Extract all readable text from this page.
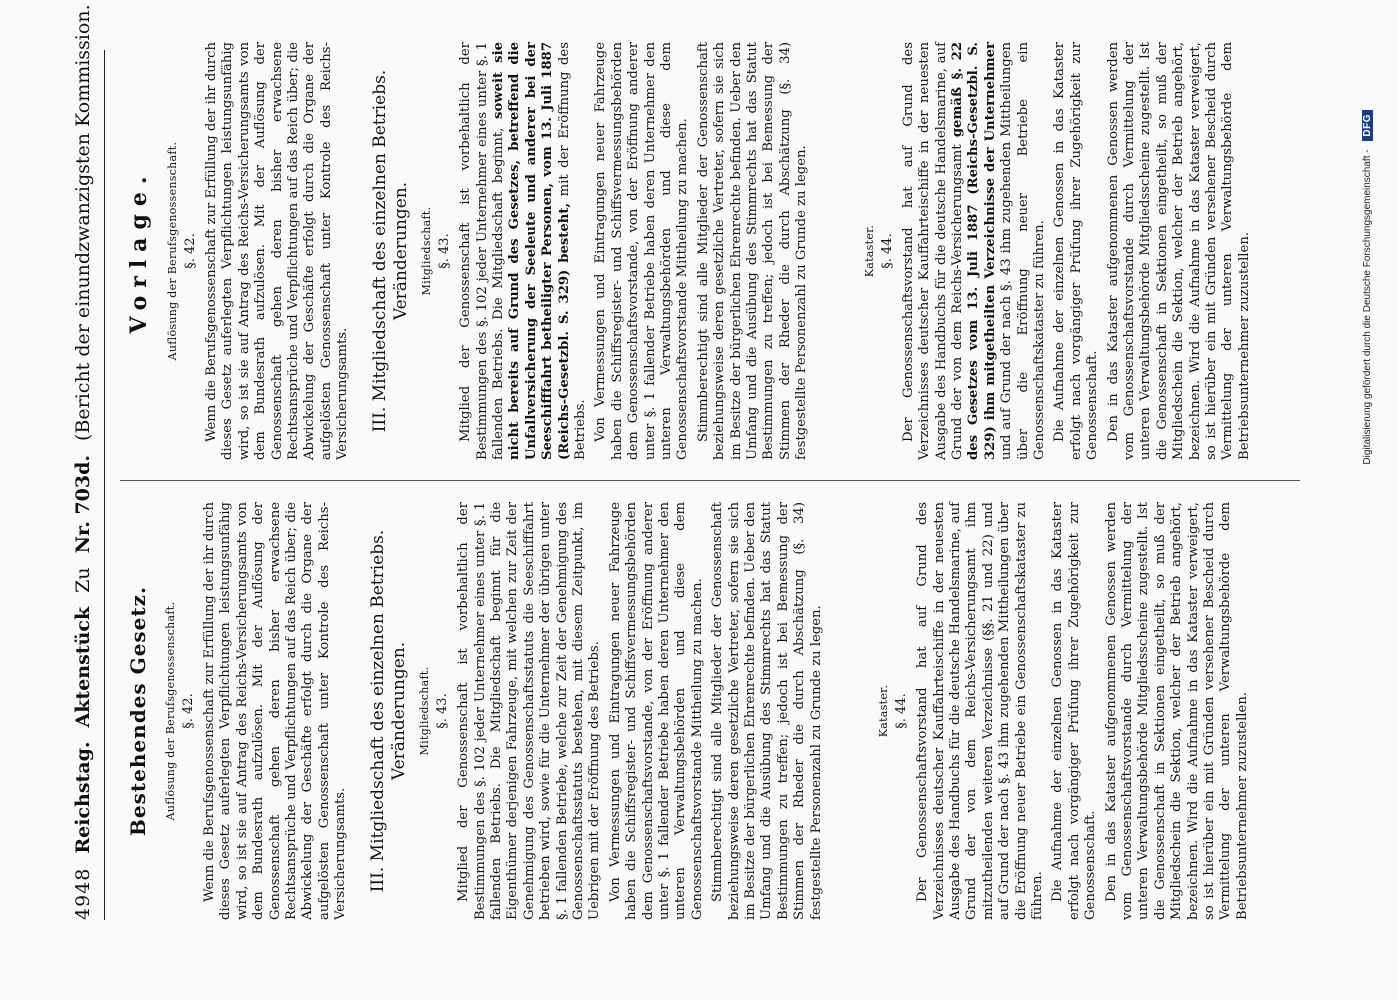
4948
Reichstag.
Aktenstück
Zu
Nr. 703d.
(Bericht der einundzwanzigsten Kommission.
Bestehendes Gesetz. Auflösung der Berufsgenossenschaft. §. 42. Wenn die Berufsgenossenschaft zur Erfüllung der ihr durch dieses Gesetz auferlegten Verpflichtungen leistungsunfähig wird, so ist sie auf Antrag des Reichs-Versicherungsamts von dem Bundesrath aufzulösen. Mit der Auflösung der Genossenschaft gehen deren bisher erwachsene Rechtsansprüche und Verpflichtungen auf das Reich über; die Abwickelung der Geschäfte erfolgt durch die Organe der aufgelösten Genossenschaft unter Kontrole des Reichs-Versicherungsamts. III. Mitgliedschaft des einzelnen Betriebs. Veränderungen. Mitgliedschaft. §. 43. Mitglied der Genossenschaft ist vorbehaltlich der Bestimmungen des §. 102 jeder Unternehmer eines unter §. 1 fallenden Betriebs. Die Mitgliedschaft beginnt für die Eigenthümer derjenigen Fahrzeuge, mit welchen zur Zeit der Genehmigung des Genossenschaftsstatuts die Seeschifffahrt betrieben wird, sowie für die Unternehmer der übrigen unter §. 1 fallenden Betriebe, welche zur Zeit der Genehmigung des Genossenschaftsstatuts bestehen, mit diesem Zeitpunkt, im Uebrigen mit der Eröffnung des Betriebs. Von Vermessungen und Eintragungen neuer Fahrzeuge haben die Schiffsregister- und Schiffsvermessungsbehörden dem Genossenschaftsvorstande, von der Eröffnung anderer unter §. 1 fallender Betriebe haben deren Unternehmer den unteren Verwaltungsbehörden und diese dem Genossenschaftsvorstande Mittheilung zu machen. Stimmberechtigt sind alle Mitglieder der Genossenschaft beziehungsweise deren gesetzliche Vertreter, sofern sie sich im Besitze der bürgerlichen Ehrenrechte befinden. Ueber den Umfang und die Ausübung des Stimmrechts hat das Statut Bestimmungen zu treffen; jedoch ist bei Bemessung der Stimmen der Rheder die durch Abschätzung (§. 34) festgestellte Personenzahl zu Grunde zu legen.	Kataster. §. 44. Der Genossenschaftsvorstand hat auf Grund des Verzeichnisses deutscher Kauffahrteischiffe in der neuesten Ausgabe des Handbuchs für die deutsche Handelsmarine, auf Grund der von dem Reichs-Versicherungsamt ihm mitzutheilenden weiteren Verzeichnisse (§§. 21 und 22) und auf Grund der nach §. 43 ihm zugehenden Mittheilungen über die Eröffnung neuer Betriebe ein Genossenschaftskataster zu führen. Die Aufnahme der einzelnen Genossen in das Kataster erfolgt nach vorgängiger Prüfung ihrer Zugehörigkeit zur Genossenschaft. Den in das Kataster aufgenommenen Genossen werden vom Genossenschaftsvorstande durch Vermittelung der unteren Verwaltungsbehörde Mitgliedsscheine zugestellt. Ist die Genossenschaft in Sektionen eingetheilt, so muß der Mitgliedschein die Sektion, welcher der Betrieb angehört, bezeichnen. Wird die Aufnahme in das Kataster verweigert, so ist hierüber ein mit Gründen versehener Bescheid durch Vermittelung der unteren Verwaltungsbehörde dem Betriebsunternehmer zuzustellen.

Vorlage. Auflösung der Berufsgenossenschaft. §. 42. Wenn die Berufsgenossenschaft zur Erfüllung der ihr durch dieses Gesetz auferlegten Verpflichtungen leistungsunfähig wird, so ist sie auf Antrag des Reichs-Versicherungsamts von dem Bundesrath aufzulösen. Mit der Auflösung der Genossenschaft gehen deren bisher erwachsene Rechtsansprüche und Verpflichtungen auf das Reich über; die Abwickelung der Geschäfte erfolgt durch die Organe der aufgelösten Genossenschaft unter Kontrole des Reichs-Versicherungsamts. III. Mitgliedschaft des einzelnen Betriebs. Veränderungen. Mitgliedschaft. §. 43. Mitglied der Genossenschaft ist vorbehaltlich der Bestimmungen des §. 102 jeder Unternehmer eines unter §. 1 fallenden Betriebs. Die Mitgliedschaft beginnt, soweit sie nicht bereits auf Grund des Gesetzes, betreffend die Unfallversicherung der Seeleute und anderer bei der Seeschifffahrt betheiligter Personen, vom 13. Juli 1887 (Reichs-Gesetzbl. S. 329) besteht, mit der Eröffnung des Betriebs. Von Vermessungen und Eintragungen neuer Fahrzeuge haben die Schiffsregister- und Schiffsvermessungsbehörden dem Genossenschaftsvorstande, von der Eröffnung anderer unter §. 1 fallender Betriebe haben deren Unternehmer den unteren Verwaltungsbehörden und diese dem Genossenschaftsvorstande Mittheilung zu machen. Stimmberechtigt sind alle Mitglieder der Genossenschaft beziehungsweise deren gesetzliche Vertreter, sofern sie sich im Besitze der bürgerlichen Ehrenrechte befinden. Ueber den Umfang und die Ausübung des Stimmrechts hat das Statut Bestimmungen zu treffen; jedoch ist bei Bemessung der Stimmen der Rheder die durch Abschätzung (§. 34) festgestellte Personenzahl zu Grunde zu legen.	Kataster. §. 44. Der Genossenschaftsvorstand hat auf Grund des Verzeichnisses deutscher Kauffahrteischiffe in der neuesten Ausgabe des Handbuchs für die deutsche Handelsmarine, auf Grund der von dem Reichs-Versicherungsamt gemäß §. 22 des Gesetzes vom 13. Juli 1887 (Reichs-Gesetzbl. S. 329) ihm mitgetheilten Verzeichnisse der Unternehmer und auf Grund der nach §. 43 ihm zugehenden Mittheilungen über die Eröffnung neuer Betriebe ein Genossenschaftskataster zu führen. Die Aufnahme der einzelnen Genossen in das Kataster erfolgt nach vorgängiger Prüfung ihrer Zugehörigkeit zur Genossenschaft. Den in das Kataster aufgenommenen Genossen werden vom Genossenschaftsvorstande durch Vermittelung der unteren Verwaltungsbehörde Mitgliedsscheine zugestellt. Ist die Genossenschaft in Sektionen eingetheilt, so muß der Mitgliedschein die Sektion, welcher der Betrieb angehört, bezeichnen. Wird die Aufnahme in das Kataster verweigert, so ist hierüber ein mit Gründen versehener Bescheid durch Vermittelung der unteren Verwaltungsbehörde dem Betriebsunternehmer zuzustellen.	Digitalisierung gefördert durch die Deutsche Forschungsgemeinschaft - DFG
